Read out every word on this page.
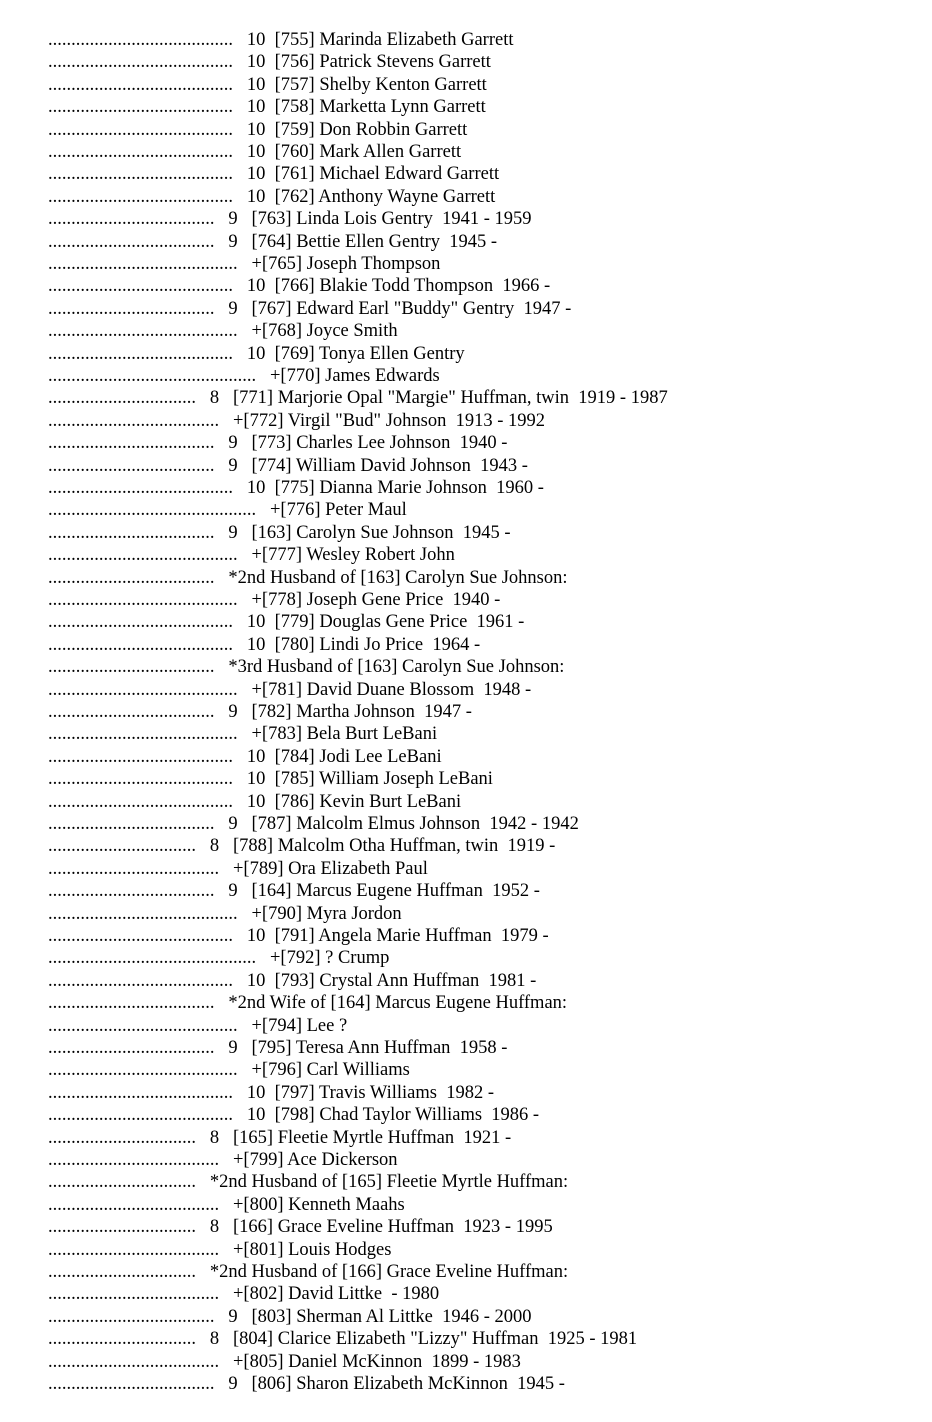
........................................   10  [755] Marinda Elizabeth Garrett
........................................   10  [756] Patrick Stevens Garrett
........................................   10  [757] Shelby Kenton Garrett
........................................   10  [758] Marketta Lynn Garrett
........................................   10  [759] Don Robbin Garrett
........................................   10  [760] Mark Allen Garrett
........................................   10  [761] Michael Edward Garrett
........................................   10  [762] Anthony Wayne Garrett
....................................   9   [763] Linda Lois Gentry  1941 - 1959
....................................   9   [764] Bettie Ellen Gentry  1945 -
.........................................   +[765] Joseph Thompson
........................................   10  [766] Blakie Todd Thompson  1966 -
....................................   9   [767] Edward Earl "Buddy" Gentry  1947 -
.........................................   +[768] Joyce Smith
........................................   10  [769] Tonya Ellen Gentry
.............................................   +[770] James Edwards
................................   8   [771] Marjorie Opal "Margie" Huffman, twin  1919 - 1987
.....................................   +[772] Virgil "Bud" Johnson  1913 - 1992
....................................   9   [773] Charles Lee Johnson  1940 -
....................................   9   [774] William David Johnson  1943 -
........................................   10  [775] Dianna Marie Johnson  1960 -
.............................................   +[776] Peter Maul
....................................   9   [163] Carolyn Sue Johnson  1945 -
.........................................   +[777] Wesley Robert John
....................................   *2nd Husband of [163] Carolyn Sue Johnson:
.........................................   +[778] Joseph Gene Price  1940 -
........................................   10  [779] Douglas Gene Price  1961 -
........................................   10  [780] Lindi Jo Price  1964 -
....................................   *3rd Husband of [163] Carolyn Sue Johnson:
.........................................   +[781] David Duane Blossom  1948 -
....................................   9   [782] Martha Johnson  1947 -
.........................................   +[783] Bela Burt LeBani
........................................   10  [784] Jodi Lee LeBani
........................................   10  [785] William Joseph LeBani
........................................   10  [786] Kevin Burt LeBani
....................................   9   [787] Malcolm Elmus Johnson  1942 - 1942
................................   8   [788] Malcolm Otha Huffman, twin  1919 -
.....................................   +[789] Ora Elizabeth Paul
....................................   9   [164] Marcus Eugene Huffman  1952 -
.........................................   +[790] Myra Jordon
........................................   10  [791] Angela Marie Huffman  1979 -
.............................................   +[792] ? Crump
........................................   10  [793] Crystal Ann Huffman  1981 -
....................................   *2nd Wife of [164] Marcus Eugene Huffman:
.........................................   +[794] Lee ?
....................................   9   [795] Teresa Ann Huffman  1958 -
.........................................   +[796] Carl Williams
........................................   10  [797] Travis Williams  1982 -
........................................   10  [798] Chad Taylor Williams  1986 -
................................   8   [165] Fleetie Myrtle Huffman  1921 -
.....................................   +[799] Ace Dickerson
................................   *2nd Husband of [165] Fleetie Myrtle Huffman:
.....................................   +[800] Kenneth Maahs
................................   8   [166] Grace Eveline Huffman  1923 - 1995
.....................................   +[801] Louis Hodges
................................   *2nd Husband of [166] Grace Eveline Huffman:
.....................................   +[802] David Littke  - 1980
....................................   9   [803] Sherman Al Littke  1946 - 2000
................................   8   [804] Clarice Elizabeth "Lizzy" Huffman  1925 - 1981
.....................................   +[805] Daniel McKinnon  1899 - 1983
....................................   9   [806] Sharon Elizabeth McKinnon  1945 -
